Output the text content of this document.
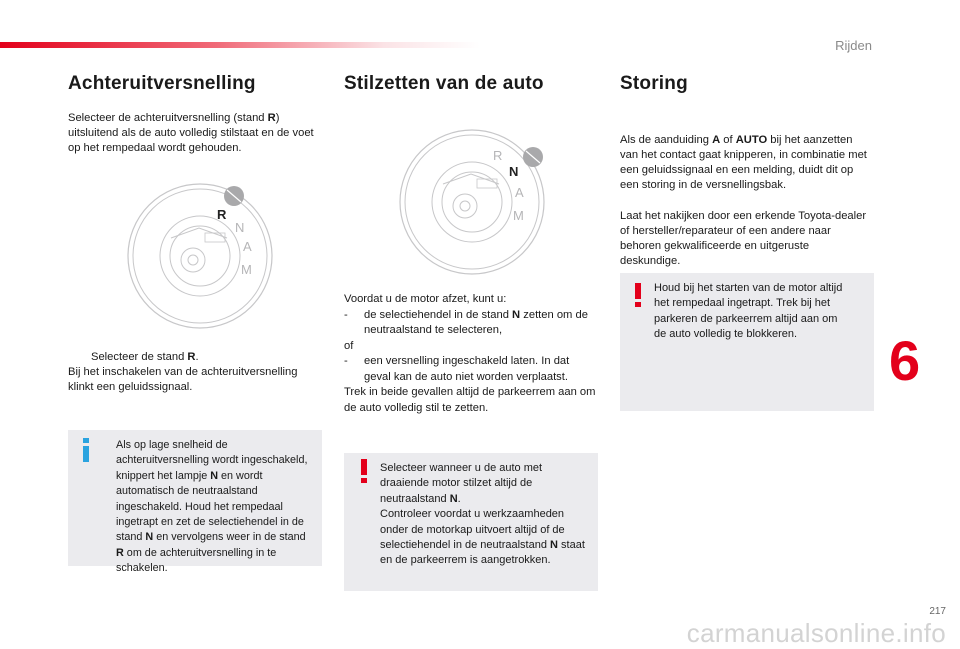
Rijden
Achteruitversnelling

Selecteer de achteruitversnelling (stand R) uitsluitend als de auto volledig stilstaat en de voet op het rempedaal wordt gehouden.

R
N
A
M

Selecteer de stand R.

Bij het inschakelen van de achteruitversnelling klinkt een geluidssignaal.

Als op lage snelheid de achteruitversnelling wordt ingeschakeld, knippert het lampje N en wordt automatisch de neutraalstand ingeschakeld. Houd het rempedaal ingetrapt en zet de selectiehendel in de stand N en vervolgens weer in de stand R om de achteruitversnelling in te schakelen.
Stilzetten van de auto
R
N
A
M

Voordat u de motor afzet, kunt u:

- de selectiehendel in de stand N zetten om de neutraalstand te selecteren,

of

- een versnelling ingeschakeld laten. In dat geval kan de auto niet worden verplaatst.

Trek in beide gevallen altijd de parkeerrem aan om de auto volledig stil te zetten.

Selecteer wanneer u de auto met draaiende motor stilzet altijd de neutraalstand N.
Controleer voordat u werkzaamheden onder de motorkap uitvoert altijd of de selectiehendel in de neutraalstand N staat en de parkeerrem is aangetrokken.
Storing

Als de aanduiding A of AUTO bij het aanzetten van het contact gaat knipperen, in combinatie met een geluidssignaal en een melding, duidt dit op een storing in de versnellingsbak.

Laat het nakijken door een erkende Toyota-dealer of hersteller/reparateur of een andere naar behoren gekwalificeerde en uitgeruste deskundige.

Houd bij het starten van de motor altijd het rempedaal ingetrapt. Trek bij het parkeren de parkeerrem altijd aan om de auto volledig te blokkeren.	6
217
carmanualsonline.info
